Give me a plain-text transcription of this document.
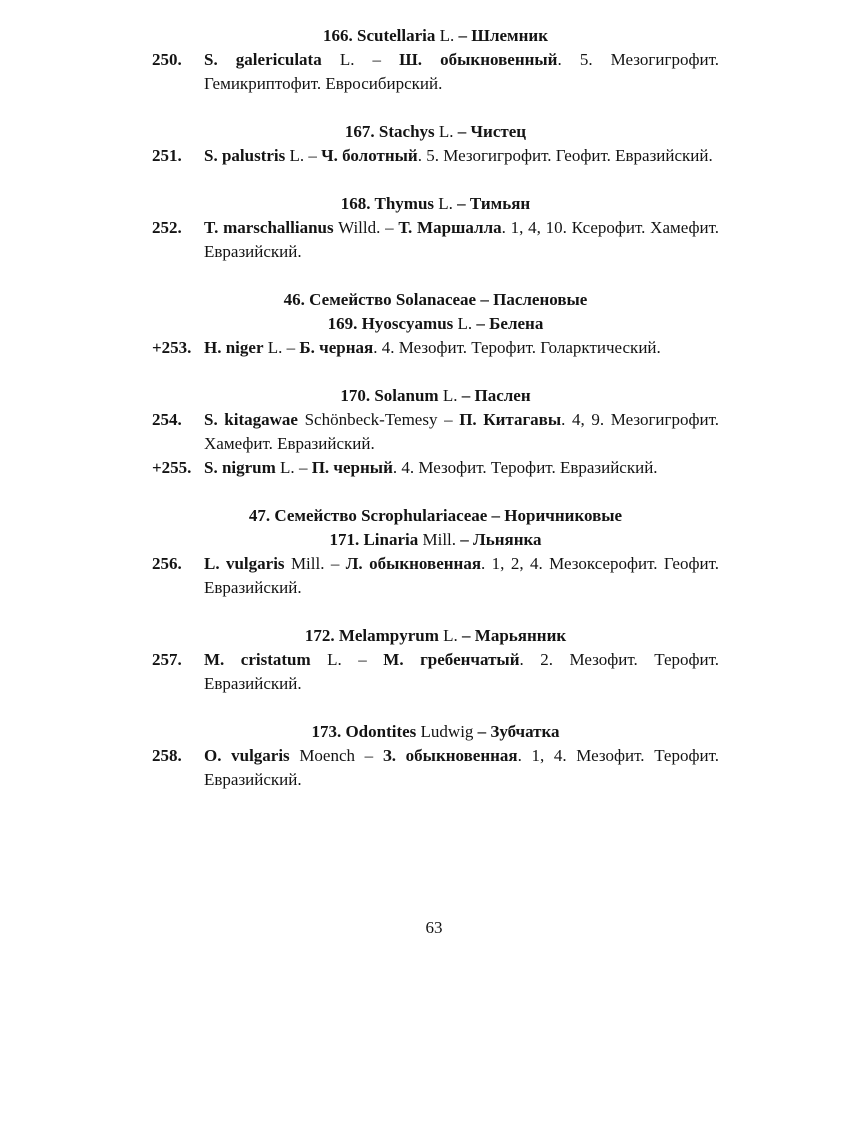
166. Scutellaria L. – Шлемник
250. S. galericulata L. – Ш. обыкновенный. 5. Мезогигрофит. Гемикриптофит. Евросибирский.
167. Stachys L. – Чистец
251. S. palustris L. – Ч. болотный. 5. Мезогигрофит. Геофит. Евразийский.
168. Thymus L. – Тимьян
252. T. marschallianus Willd. – Т. Маршалла. 1, 4, 10. Ксерофит. Хамефит. Евразийский.
46. Семейство Solanaceae – Пасленовые
169. Hyoscyamus L. – Белена
+253. H. niger L. – Б. черная. 4. Мезофит. Терофит. Голарктический.
170. Solanum L. – Паслен
254. S. kitagawae Schönbeck-Temesy – П. Китагавы. 4, 9. Мезогигрофит. Хамефит. Евразийский.
+255. S. nigrum L. – П. черный. 4. Мезофит. Терофит. Евразийский.
47. Семейство Scrophulariaceae – Норичниковые
171. Linaria Mill. – Льнянка
256. L. vulgaris Mill. – Л. обыкновенная. 1, 2, 4. Мезоксерофит. Геофит. Евразийский.
172. Melampyrum L. – Марьянник
257. M. cristatum L. – М. гребенчатый. 2. Мезофит. Терофит. Евразийский.
173. Odontites Ludwig – Зубчатка
258. O. vulgaris Moench – З. обыкновенная. 1, 4. Мезофит. Терофит. Евразийский.
63
